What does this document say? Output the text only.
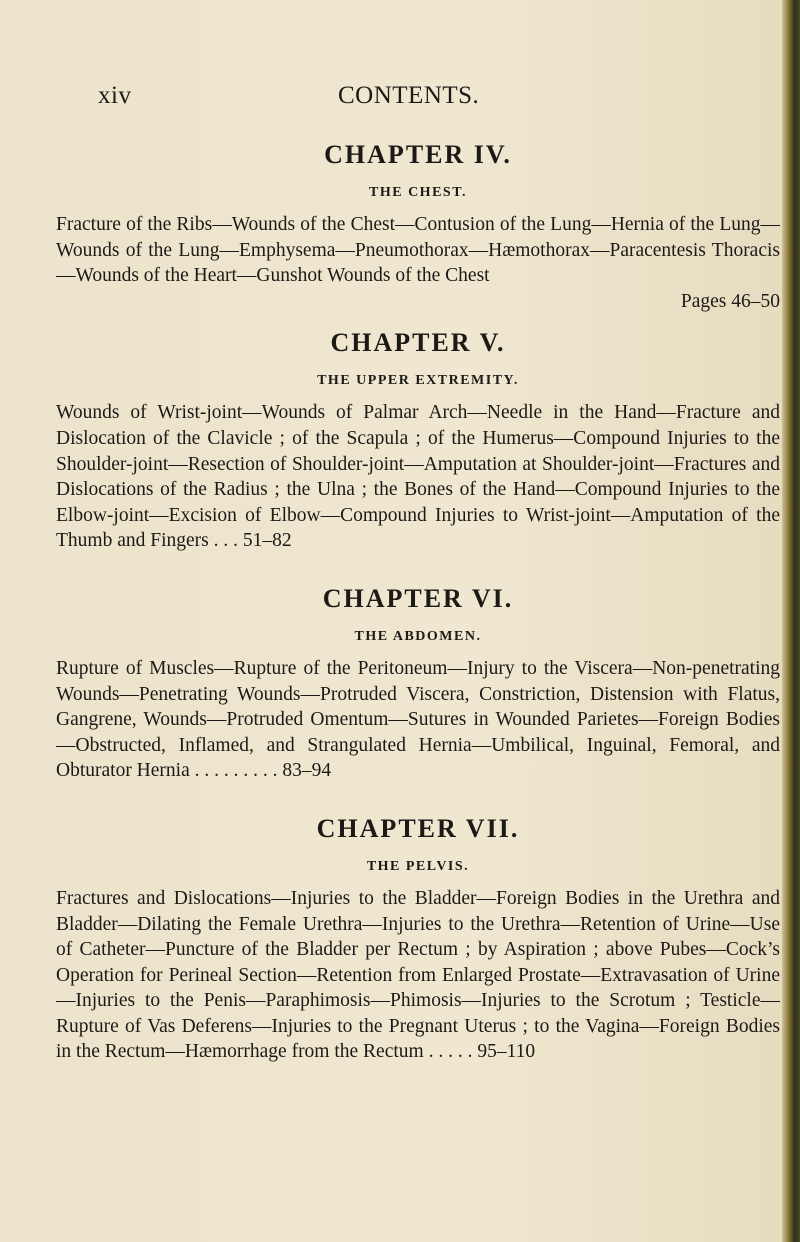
xiv	CONTENTS.
CHAPTER IV.
THE CHEST.

Fracture of the Ribs—Wounds of the Chest—Contusion of the Lung—Hernia of the Lung—Wounds of the Lung—Emphysema—Pneumothorax—Hæmothorax—Paracentesis Thoracis—Wounds of the Heart—Gunshot Wounds of the Chest

Pages 46–50

CHAPTER V.
THE UPPER EXTREMITY.

Wounds of Wrist-joint—Wounds of Palmar Arch—Needle in the Hand—Fracture and Dislocation of the Clavicle ; of the Scapula ; of the Humerus—Compound Injuries to the Shoulder-joint—Resection of Shoulder-joint—Amputation at Shoulder-joint—Fractures and Dislocations of the Radius ; the Ulna ; the Bones of the Hand—Compound Injuries to the Elbow-joint—Excision of Elbow—Compound Injuries to Wrist-joint—Amputation of the Thumb and Fingers . . . 51–82

CHAPTER VI.
THE ABDOMEN.

Rupture of Muscles—Rupture of the Peritoneum—Injury to the Viscera—Non-penetrating Wounds—Penetrating Wounds—Protruded Viscera, Constriction, Distension with Flatus, Gangrene, Wounds—Protruded Omentum—Sutures in Wounded Parietes—Foreign Bodies—Obstructed, Inflamed, and Strangulated Hernia—Umbilical, Inguinal, Femoral, and Obturator Hernia . . . . . . . . . 83–94

CHAPTER VII.
THE PELVIS.

Fractures and Dislocations—Injuries to the Bladder—Foreign Bodies in the Urethra and Bladder—Dilating the Female Urethra—Injuries to the Urethra—Retention of Urine—Use of Catheter—Puncture of the Bladder per Rectum ; by Aspiration ; above Pubes—Cock’s Operation for Perineal Section—Retention from Enlarged Prostate—Extravasation of Urine—Injuries to the Penis—Paraphimosis—Phimosis—Injuries to the Scrotum ; Testicle—Rupture of Vas Deferens—Injuries to the Pregnant Uterus ; to the Vagina—Foreign Bodies in the Rectum—Hæmorrhage from the Rectum . . . . . 95–110
